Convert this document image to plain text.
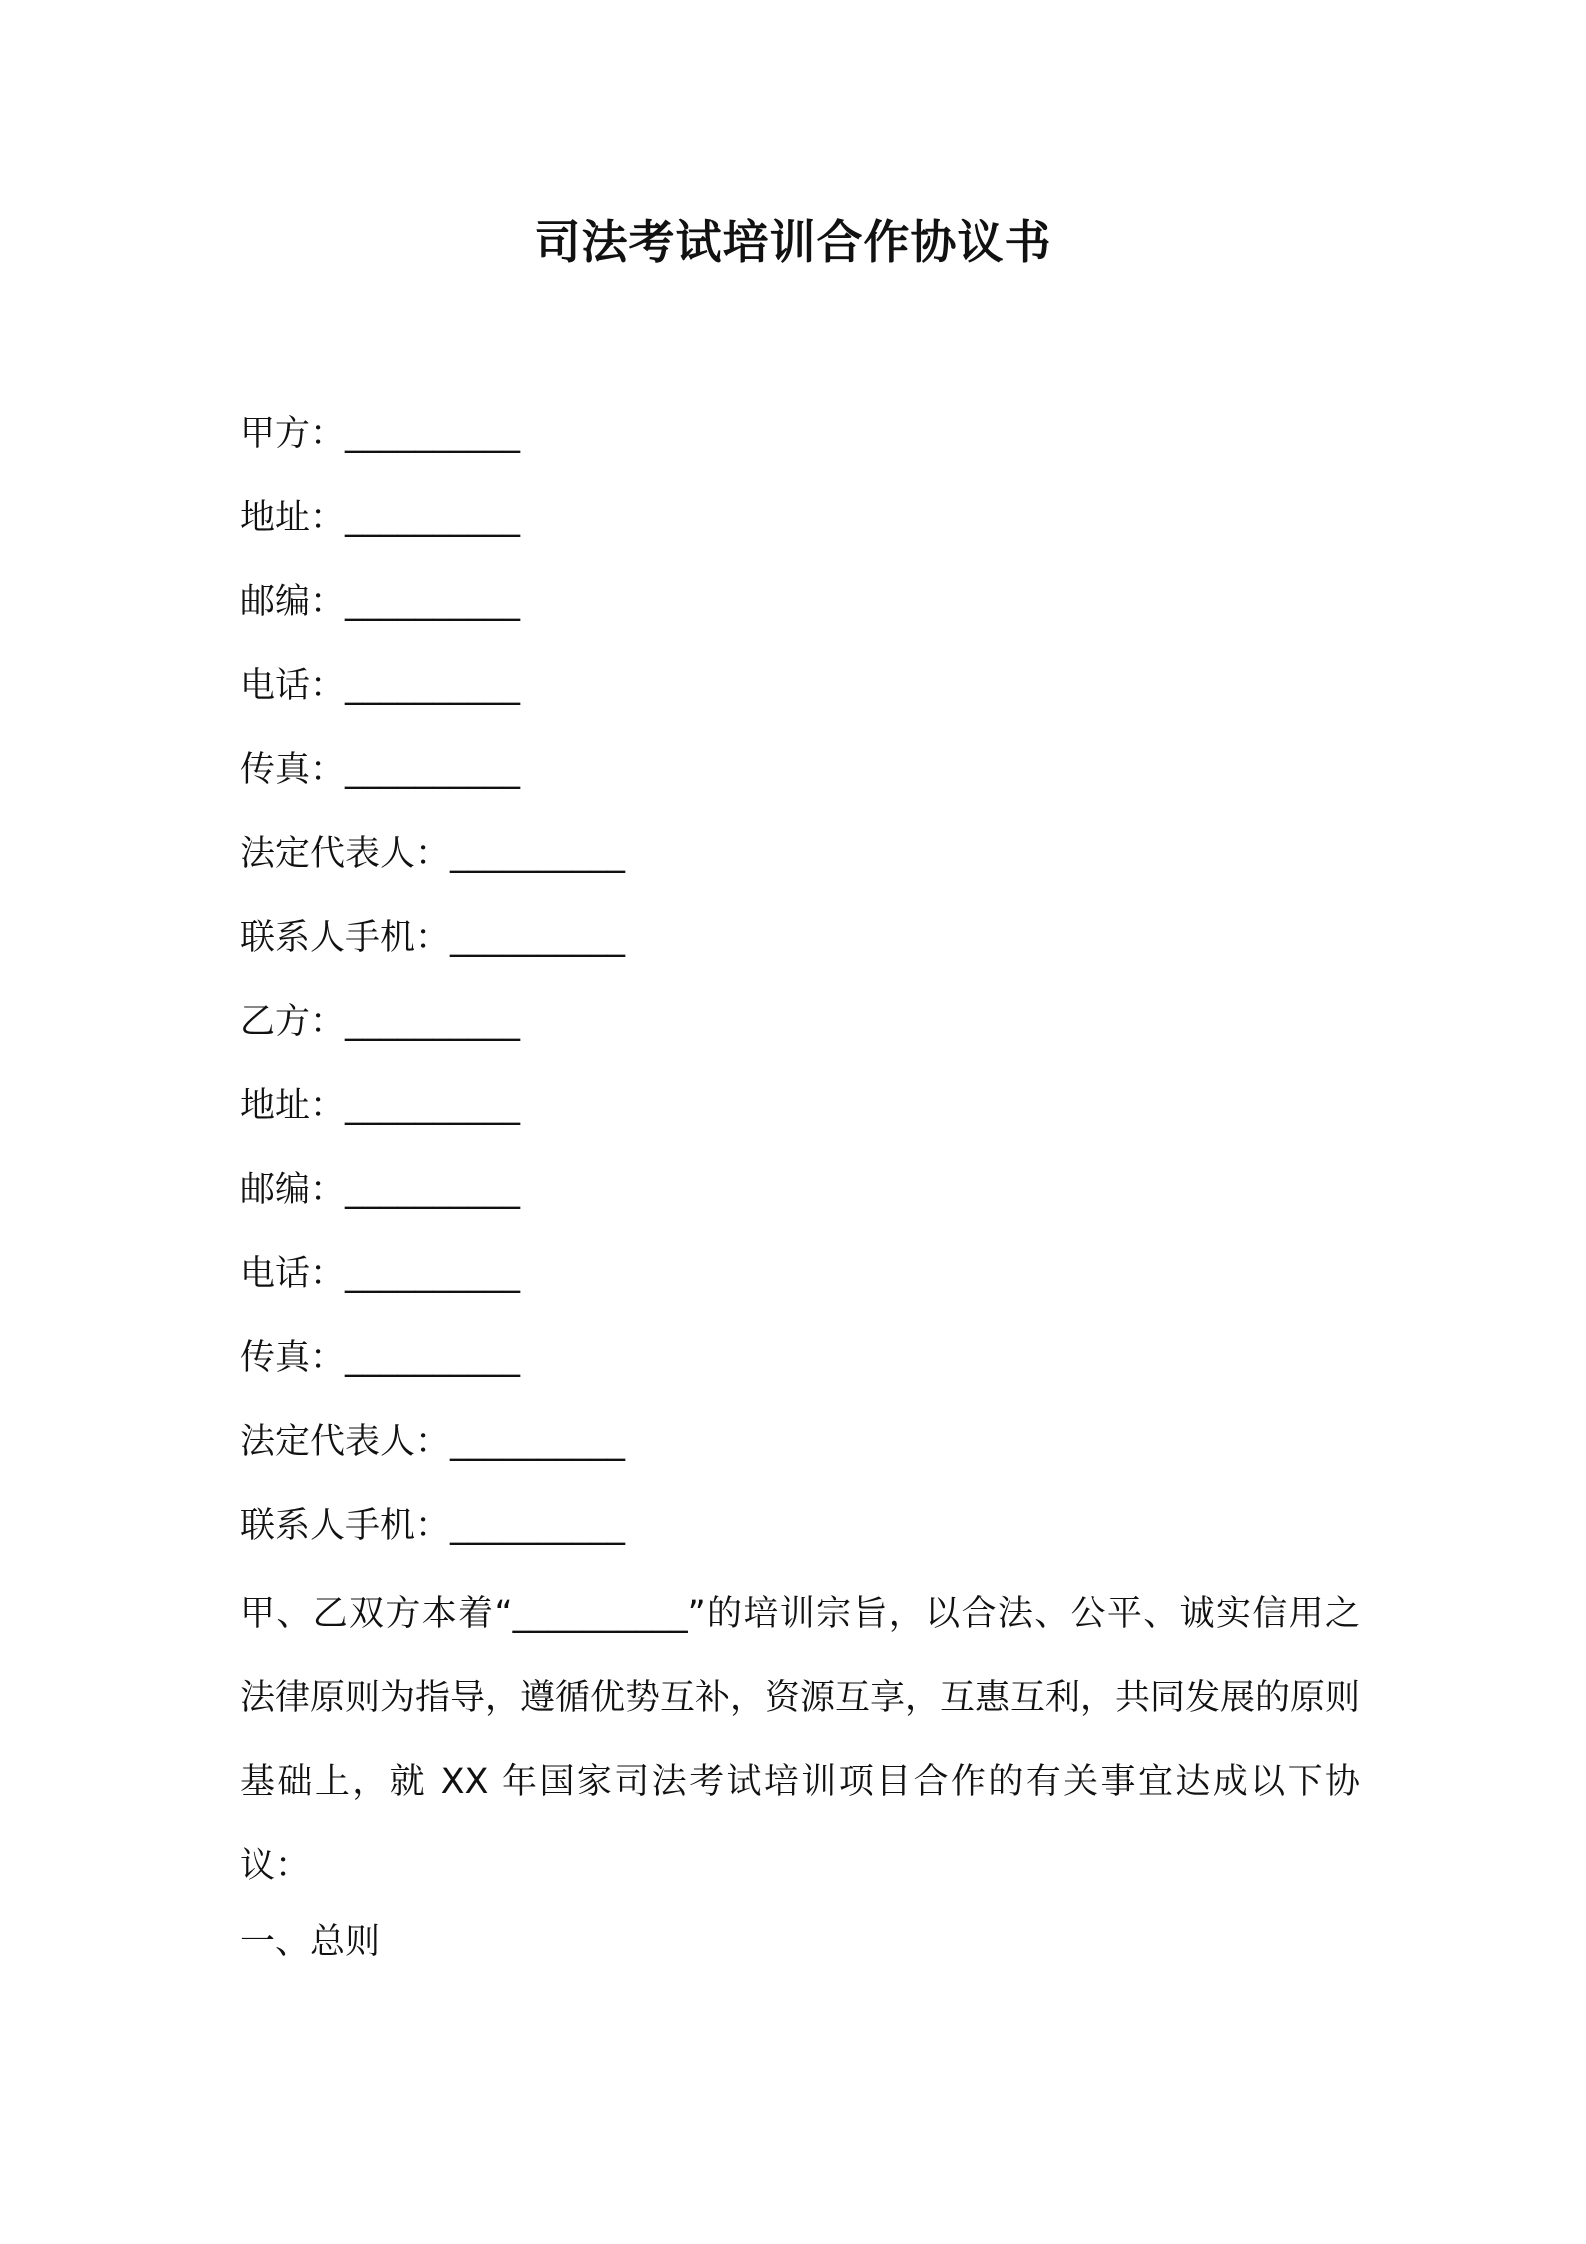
司法考试培训合作协议书
甲方：__________
地址：__________
邮编：__________
电话：__________
传真：__________
法定代表人：__________
联系人手机：__________
乙方：__________
地址：__________
邮编：__________
电话：__________
传真：__________
法定代表人：__________
联系人手机：__________
甲、乙双方本着“__________”的培训宗旨，以合法、公平、诚实信用之法律原则为指导，遵循优势互补，资源互享，互惠互利，共同发展的原则基础上，就 XX 年国家司法考试培训项目合作的有关事宜达成以下协议：
一、总则
